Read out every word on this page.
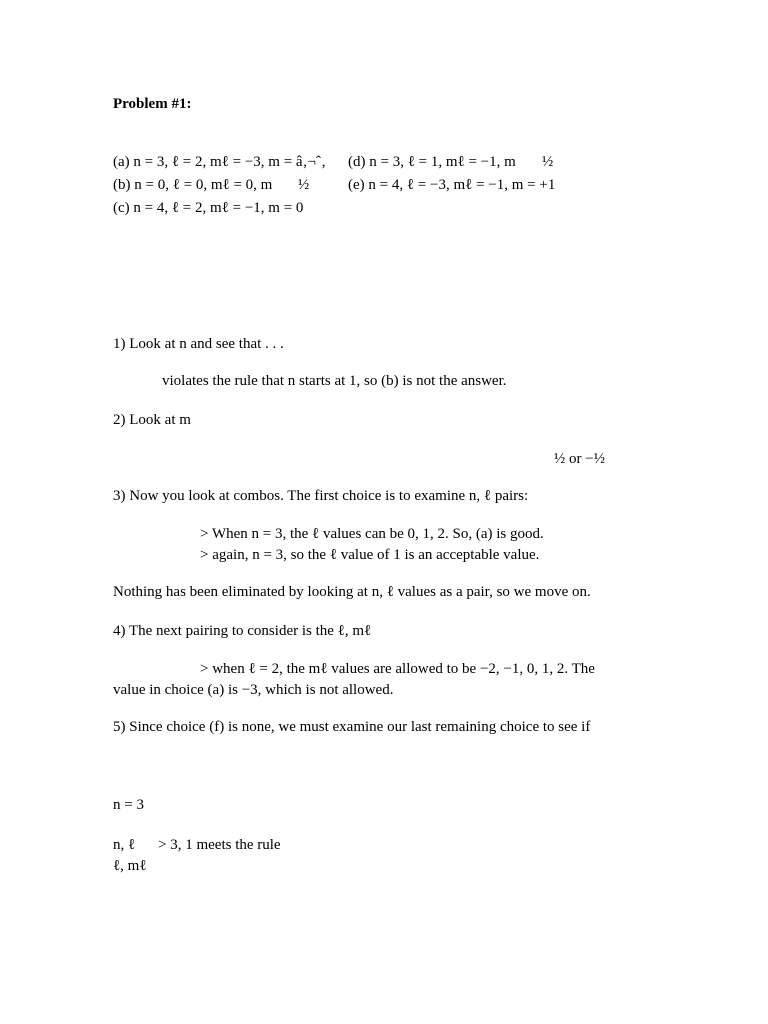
Problem #1:
(a) n = 3, ℓ = 2, mℓ = −3, m = â‚¬ˆ‚ (d) n = 3, ℓ = 1, mℓ = −1, m ½
(b) n = 0, ℓ = 0, mℓ = 0, m ½	(e) n = 4, ℓ = −3, mℓ = −1, m = +1
(c) n = 4, ℓ = 2, mℓ = −1, m = 0
1) Look at n and see that . . .
violates the rule that n starts at 1, so (b) is not the answer.
2) Look at m
½ or −½
3) Now you look at combos. The first choice is to examine n, ℓ pairs:
> When n = 3, the ℓ values can be 0, 1, 2. So, (a) is good.
> again, n = 3, so the ℓ value of 1 is an acceptable value.
Nothing has been eliminated by looking at n, ℓ values as a pair, so we move on.
4) The next pairing to consider is the ℓ, mℓ
> when ℓ = 2, the mℓ values are allowed to be −2, −1, 0, 1, 2. The
value in choice (a) is −3, which is not allowed.
5) Since choice (f) is none, we must examine our last remaining choice to see if
n = 3
n, ℓ > 3, 1 meets the rule
ℓ, mℓ
